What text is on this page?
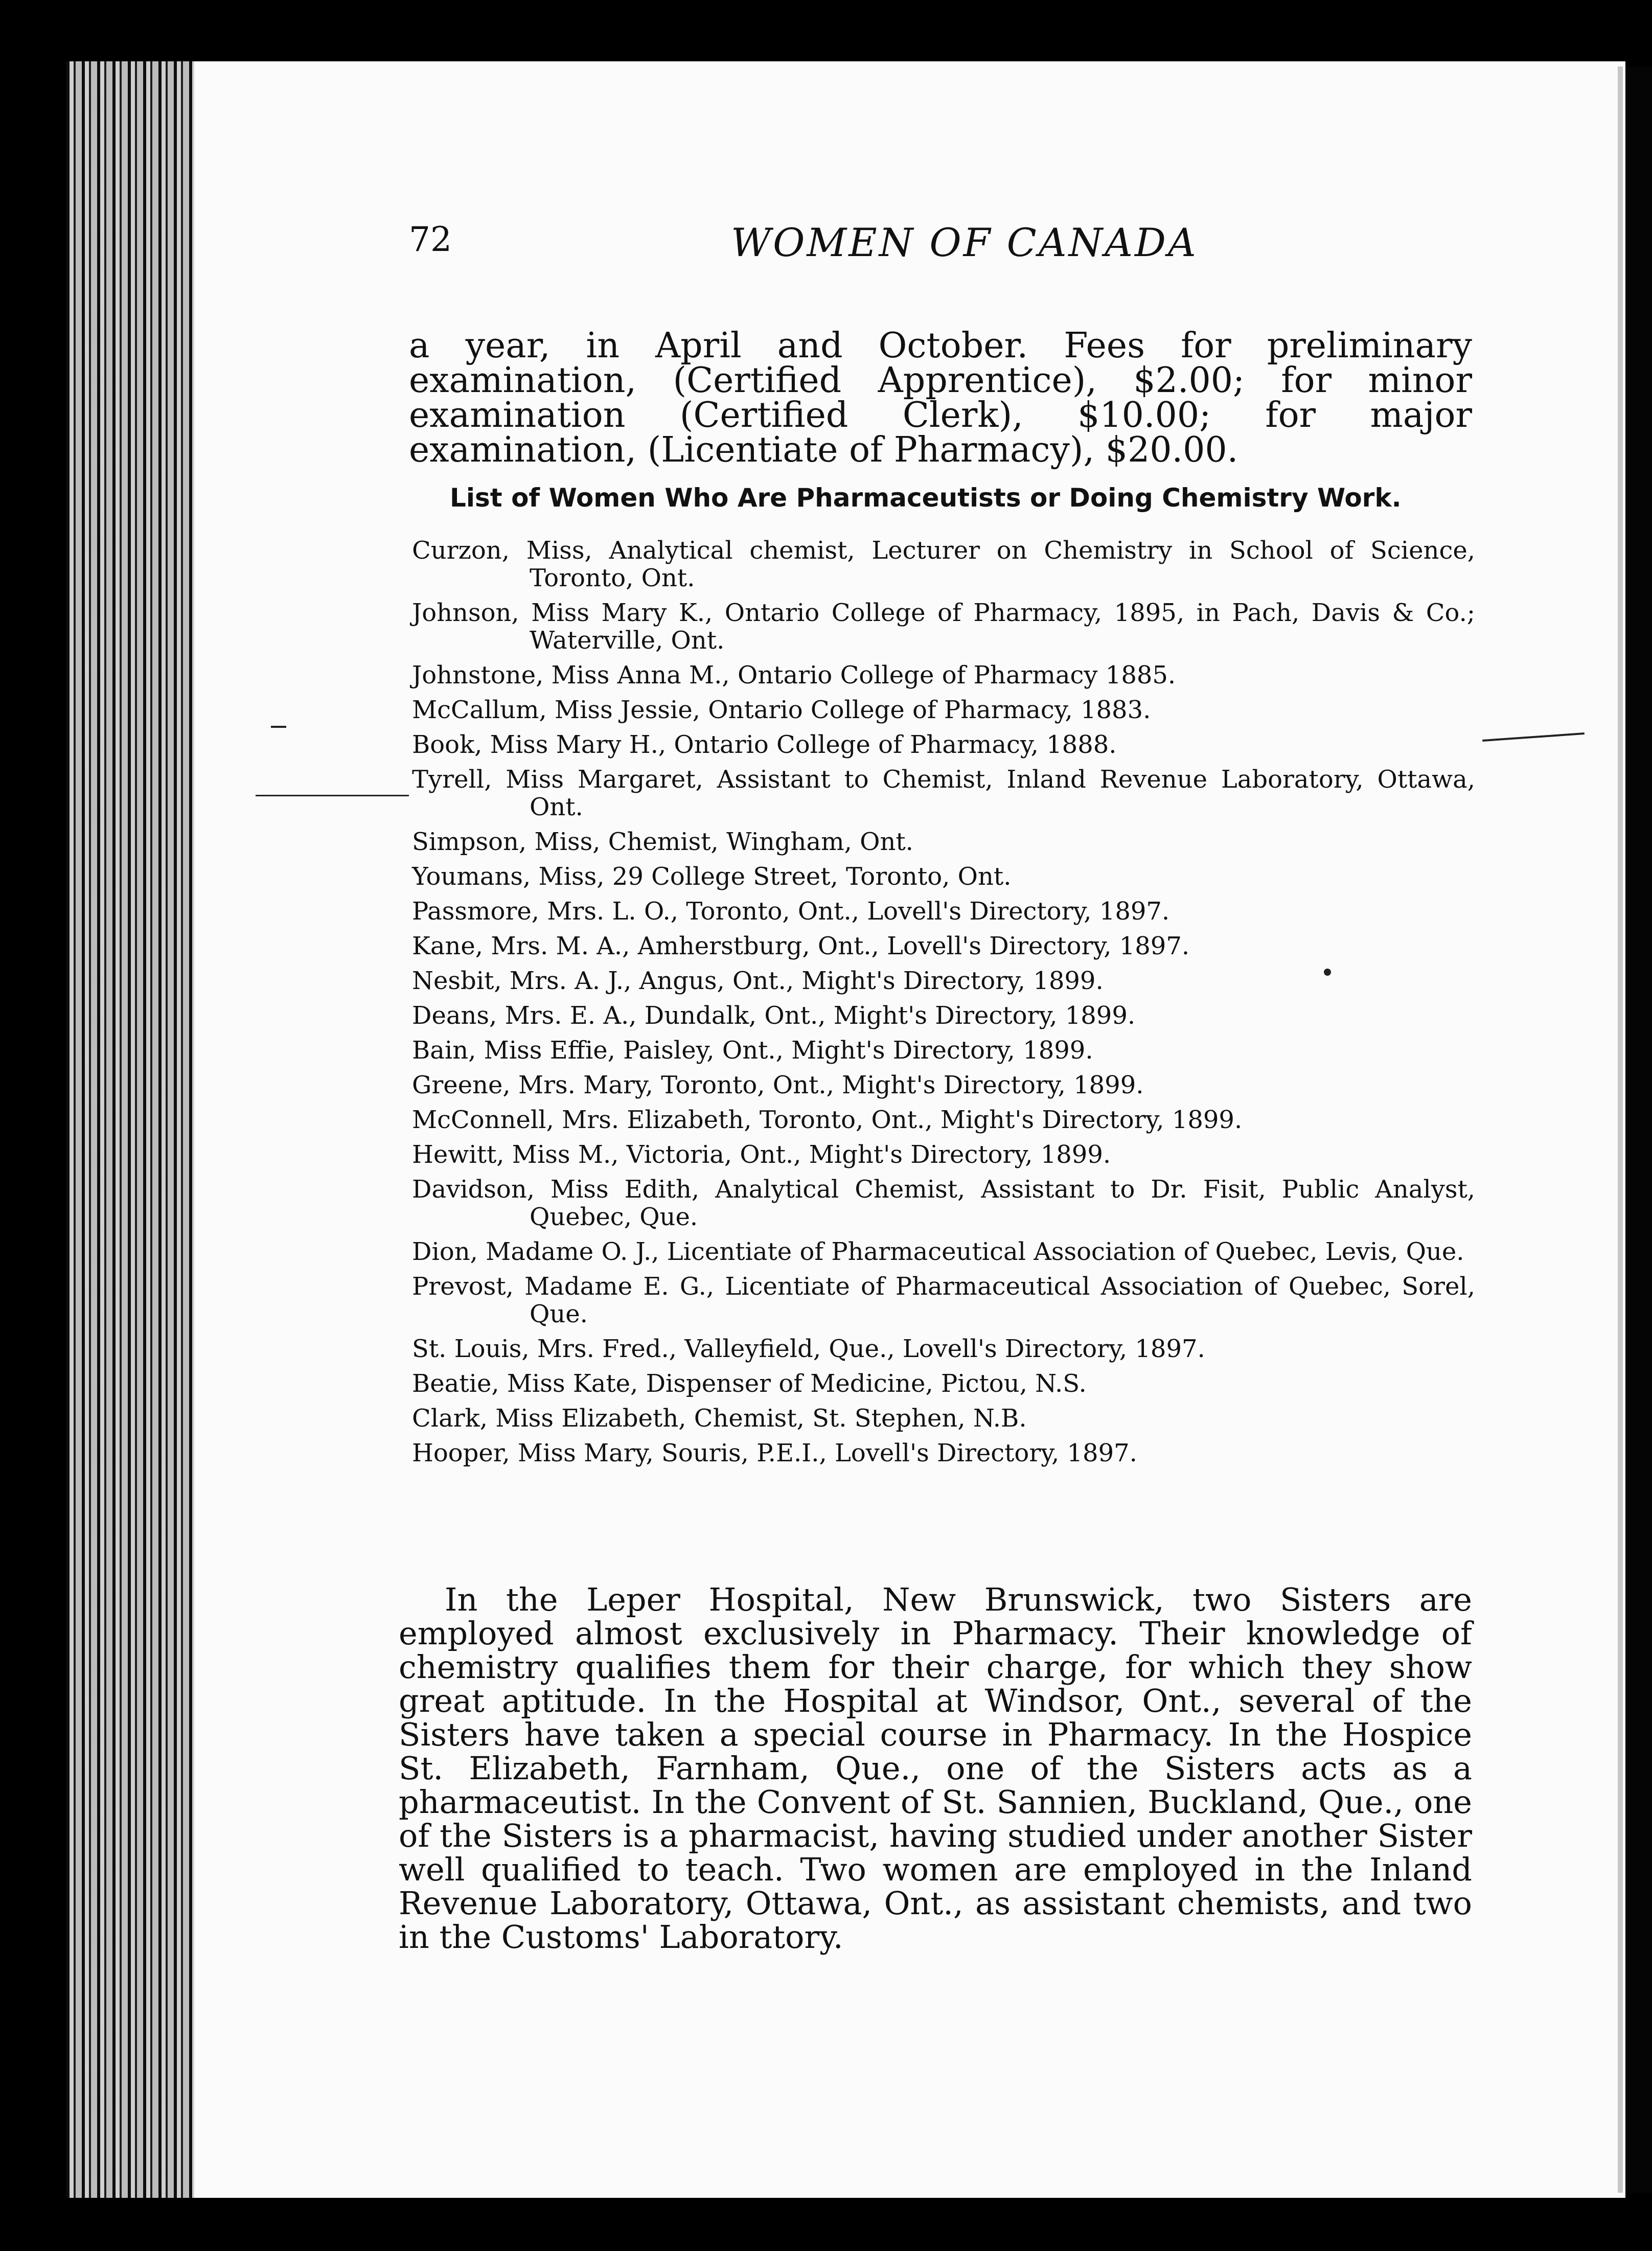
72	WOMEN OF CANADA

a year, in April and October. Fees for preliminary examination, (Certified Apprentice), $2.00; for minor examination (Certified Clerk), $10.00; for major examination, (Licentiate of Pharmacy), $20.00.

List of Women Who Are Pharmaceutists or Doing Chemistry Work.
Curzon, Miss, Analytical chemist, Lecturer on Chemistry in School of Science, Toronto, Ont.
Johnson, Miss Mary K., Ontario College of Pharmacy, 1895, in Pach, Davis & Co.; Waterville, Ont.
Johnstone, Miss Anna M., Ontario College of Pharmacy 1885.
McCallum, Miss Jessie, Ontario College of Pharmacy, 1883.
Book, Miss Mary H., Ontario College of Pharmacy, 1888.
Tyrell, Miss Margaret, Assistant to Chemist, Inland Revenue Laboratory, Ottawa, Ont.
Simpson, Miss, Chemist, Wingham, Ont.
Youmans, Miss, 29 College Street, Toronto, Ont.
Passmore, Mrs. L. O., Toronto, Ont., Lovell's Directory, 1897.
Kane, Mrs. M. A., Amherstburg, Ont., Lovell's Directory, 1897.
Nesbit, Mrs. A. J., Angus, Ont., Might's Directory, 1899.
Deans, Mrs. E. A., Dundalk, Ont., Might's Directory, 1899.
Bain, Miss Effie, Paisley, Ont., Might's Directory, 1899.
Greene, Mrs. Mary, Toronto, Ont., Might's Directory, 1899.
McConnell, Mrs. Elizabeth, Toronto, Ont., Might's Directory, 1899.
Hewitt, Miss M., Victoria, Ont., Might's Directory, 1899.
Davidson, Miss Edith, Analytical Chemist, Assistant to Dr. Fisit, Public Analyst, Quebec, Que.
Dion, Madame O. J., Licentiate of Pharmaceutical Association of Quebec, Levis, Que.
Prevost, Madame E. G., Licentiate of Pharmaceutical Association of Quebec, Sorel, Que.
St. Louis, Mrs. Fred., Valleyfield, Que., Lovell's Directory, 1897.
Beatie, Miss Kate, Dispenser of Medicine, Pictou, N.S.
Clark, Miss Elizabeth, Chemist, St. Stephen, N.B.
Hooper, Miss Mary, Souris, P.E.I., Lovell's Directory, 1897.

In the Leper Hospital, New Brunswick, two Sisters are employed almost exclusively in Pharmacy. Their knowledge of chemistry qualifies them for their charge, for which they show great aptitude. In the Hospital at Windsor, Ont., several of the Sisters have taken a special course in Pharmacy. In the Hospice St. Elizabeth, Farnham, Que., one of the Sisters acts as a pharmaceutist. In the Convent of St. Sannien, Buckland, Que., one of the Sisters is a pharmacist, having studied under another Sister well qualified to teach. Two women are employed in the Inland Revenue Laboratory, Ottawa, Ont., as assistant chemists, and two in the Customs' Laboratory.
